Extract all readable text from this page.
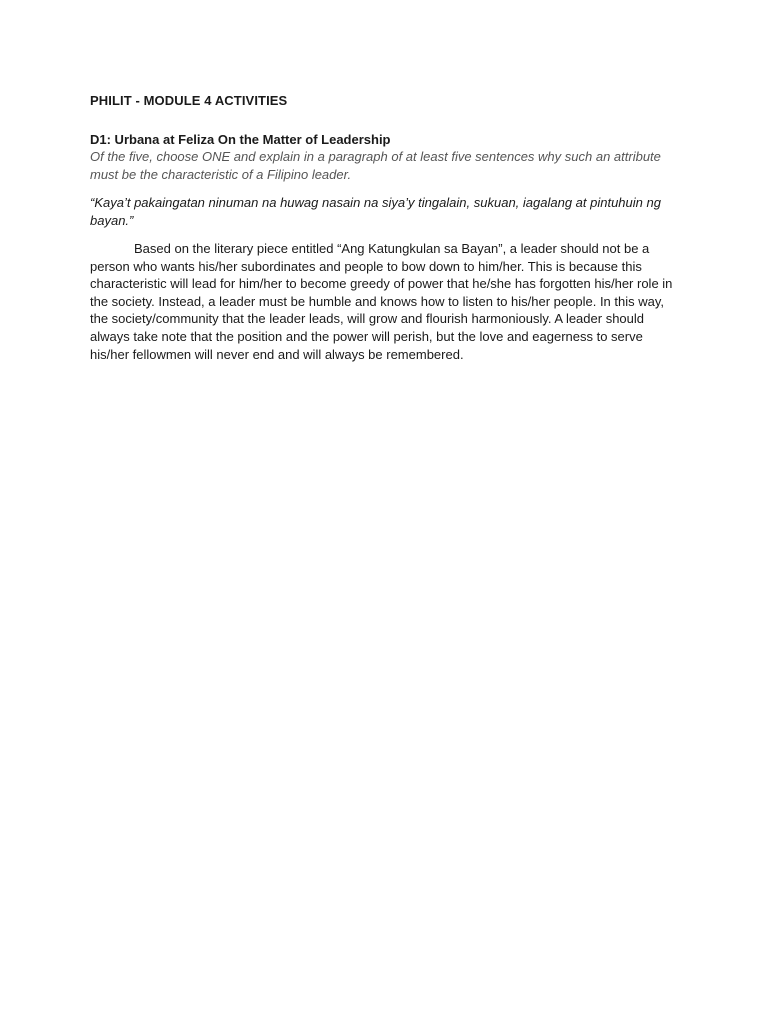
PHILIT - MODULE 4 ACTIVITIES
D1: Urbana at Feliza On the Matter of Leadership
Of the five, choose ONE and explain in a paragraph of at least five sentences why such an attribute must be the characteristic of a Filipino leader.
“Kaya’t pakaingatan ninuman na huwag nasain na siya’y tingalain, sukuan, iagalang at pintuhuin ng bayan.”

Based on the literary piece entitled “Ang Katungkulan sa Bayan”, a leader should not be a person who wants his/her subordinates and people to bow down to him/her. This is because this characteristic will lead for him/her to become greedy of power that he/she has forgotten his/her role in the society. Instead, a leader must be humble and knows how to listen to his/her people. In this way, the society/community that the leader leads, will grow and flourish harmoniously. A leader should always take note that the position and the power will perish, but the love and eagerness to serve his/her fellowmen will never end and will always be remembered.
